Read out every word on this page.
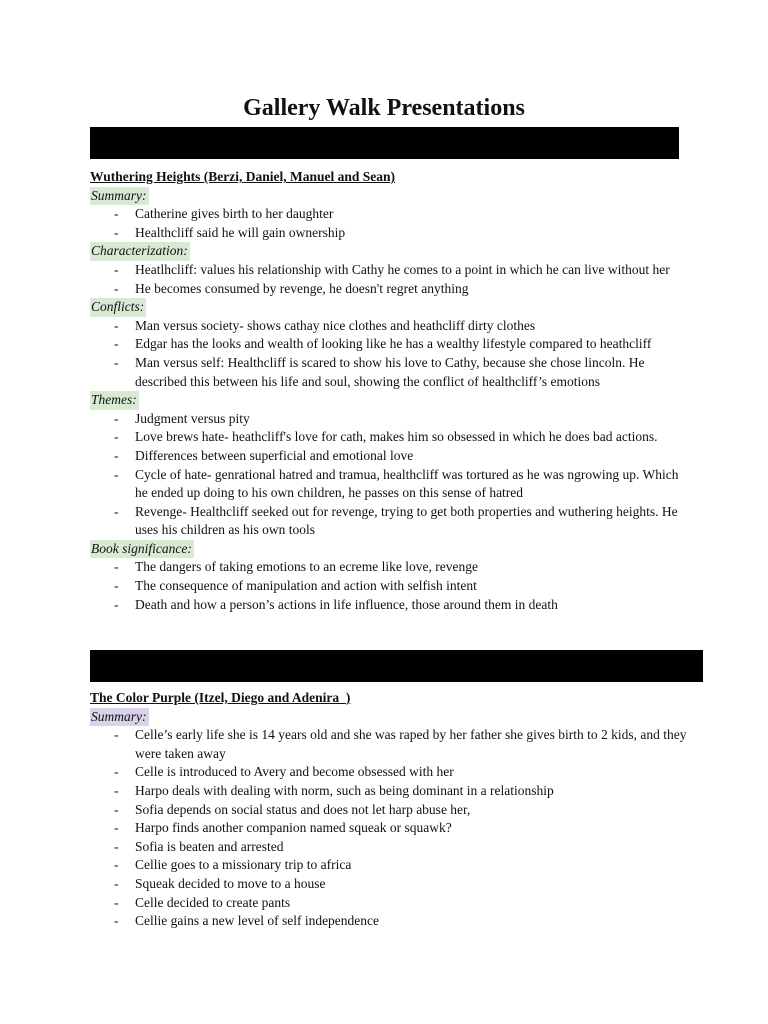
Gallery Walk Presentations
Wuthering Heights (Berzi, Daniel, Manuel and Sean)
Summary:
- Catherine gives birth to her daughter
- Healthcliff said he will gain ownership
Characterization:
- Heatlhcliff: values his relationship with Cathy he comes to a point in which he can live without her
- He becomes consumed by revenge, he doesn't regret anything
Conflicts:
- Man versus society- shows cathay nice clothes and heathcliff dirty clothes
- Edgar has the looks and wealth of looking like he has a wealthy lifestyle compared to heathcliff
- Man versus self: Healthcliff is scared to show his love to Cathy, because she chose lincoln. He described this between his life and soul, showing the conflict of healthcliff’s emotions
Themes:
- Judgment versus pity
- Love brews hate- heathcliff's love for cath, makes him so obsessed in which he does bad actions.
- Differences between superficial and emotional love
- Cycle of hate- genrational hatred and tramua, healthcliff was tortured as he was ngrowing up. Which he ended up doing to his own children, he passes on this sense of hatred
- Revenge- Healthcliff seeked out for revenge, trying to get both properties and wuthering heights. He uses his children as his own tools
Book significance:
- The dangers of taking emotions to an ecreme like love, revenge
- The consequence of manipulation and action with selfish intent
- Death and how a person’s actions in life influence, those around them in death
The Color Purple (Itzel, Diego and Adenira_)
Summary:
- Celle’s early life she is 14 years old and she was raped by her father she gives birth to 2 kids, and they were taken away
- Celle is introduced to Avery and become obsessed with her
- Harpo deals with dealing with norm, such as being dominant in a relationship
- Sofia depends on social status and does not let harp abuse her,
- Harpo finds another companion named squeak or squawk?
- Sofia is beaten and arrested
- Cellie goes to a missionary trip to africa
- Squeak decided to move to a house
- Celle decided to create pants
- Cellie gains a new level of self independence
